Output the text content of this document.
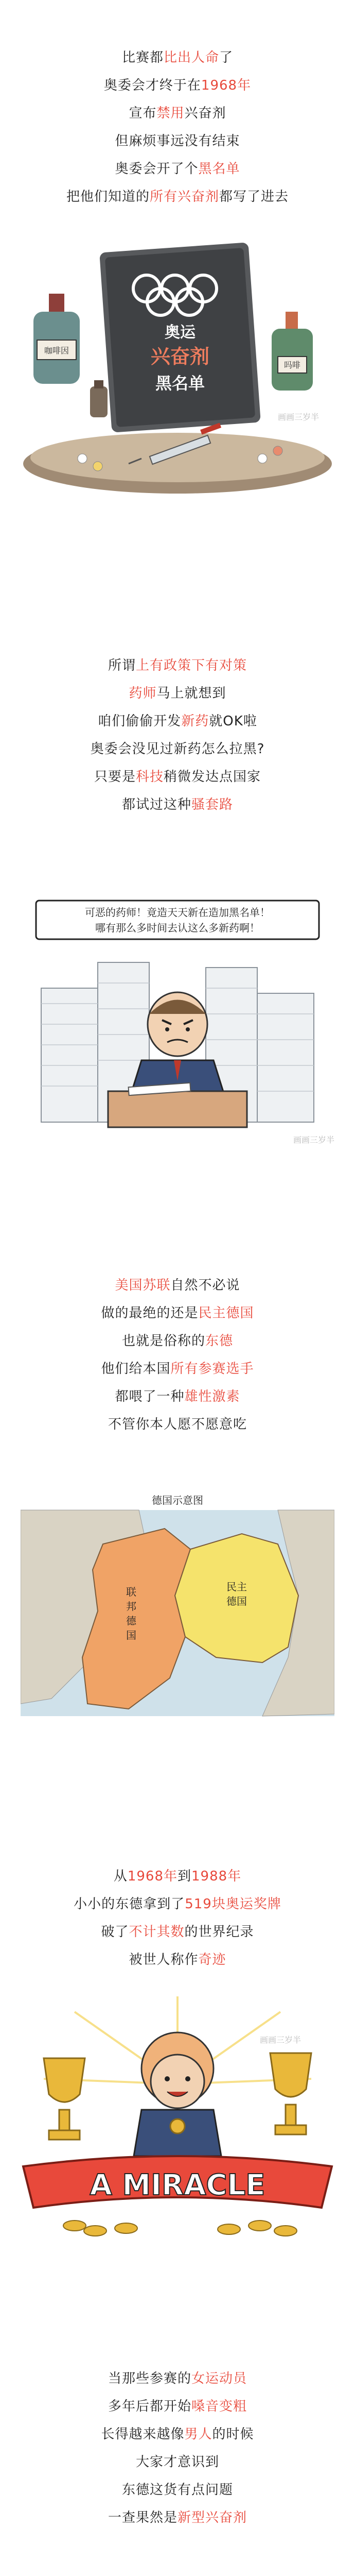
比赛都比出人命了
奥委会才终于在1968年
宣布禁用兴奋剂
但麻烦事远没有结束
奥委会开了个黑名单
把他们知道的所有兴奋剂都写了进去
奥运
兴奋剂
黑名单
咖啡因
吗啡
画画三岁半
所谓上有政策下有对策
药师马上就想到
咱们偷偷开发新药就OK啦
奥委会没见过新药怎么拉黑?
只要是科技稍微发达点国家
都试过这种骚套路
可恶的药师！竟造天天新在造加黑名单！
哪有那么多时间去认这么多新药啊！
画画三岁半
美国苏联自然不必说
做的最绝的还是民主德国
也就是俗称的东德
他们给本国所有参赛选手
都喂了一种雄性激素
不管你本人愿不愿意吃
德国示意图
民主
德国
联
邦
德
国
从1968年到1988年
小小的东德拿到了519块奥运奖牌
破了不计其数的世界纪录
被世人称作奇迹
A MIRACLE
画画三岁半
当那些参赛的女运动员
多年后都开始嗓音变粗
长得越来越像男人的时候
大家才意识到
东德这货有点问题
一查果然是新型兴奋剂
